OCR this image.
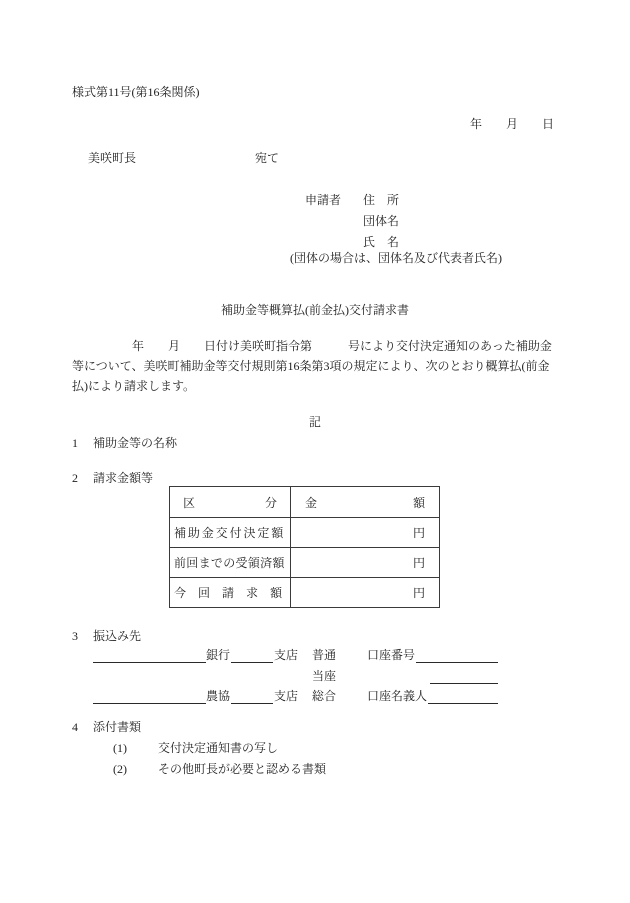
様式第11号(第16条関係)
年　　月　　日
美咲町長	宛て
申請者 住　所
団体名
氏　名
(団体の場合は、団体名及び代表者氏名)
補助金等概算払(前金払)交付請求書
　　　　　年　　月　　日付け美咲町指令第　　　号により交付決定通知のあった補助金
等について、美咲町補助金等交付規則第16条第3項の規定により、次のとおり概算払(前金
払)により請求します。
記
1 補助金等の名称
2 請求金額等
区	分 金	額
補助金交付決定額	円
前回までの受領済額	円
今　回　請　求　額	円
3 振込み先
銀行	支店 普通	口座番号
当座
農協	支店 総合	口座名義人
4 添付書類
(1)	交付決定通知書の写し
(2)	その他町長が必要と認める書類
